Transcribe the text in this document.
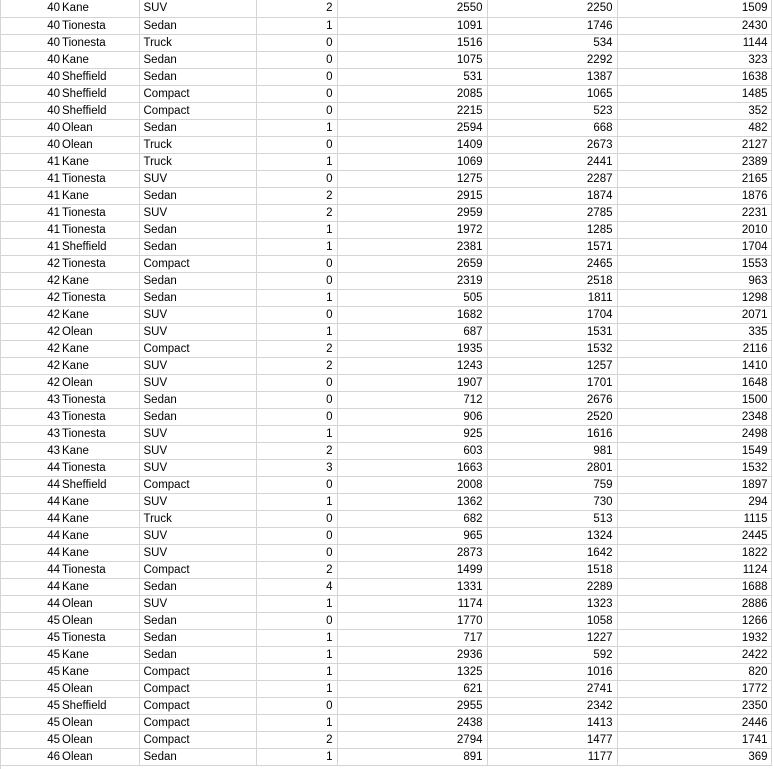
40	Kane	SUV	2	2550	2250	1509
40	Tionesta	Sedan	1	1091	1746	2430
40	Tionesta	Truck	0	1516	534	1144
40	Kane	Sedan	0	1075	2292	323
40	Sheffield	Sedan	0	531	1387	1638
40	Sheffield	Compact	0	2085	1065	1485
40	Sheffield	Compact	0	2215	523	352
40	Olean	Sedan	1	2594	668	482
40	Olean	Truck	0	1409	2673	2127
41	Kane	Truck	1	1069	2441	2389
41	Tionesta	SUV	0	1275	2287	2165
41	Kane	Sedan	2	2915	1874	1876
41	Tionesta	SUV	2	2959	2785	2231
41	Tionesta	Sedan	1	1972	1285	2010
41	Sheffield	Sedan	1	2381	1571	1704
42	Tionesta	Compact	0	2659	2465	1553
42	Kane	Sedan	0	2319	2518	963
42	Tionesta	Sedan	1	505	1811	1298
42	Kane	SUV	0	1682	1704	2071
42	Olean	SUV	1	687	1531	335
42	Kane	Compact	2	1935	1532	2116
42	Kane	SUV	2	1243	1257	1410
42	Olean	SUV	0	1907	1701	1648
43	Tionesta	Sedan	0	712	2676	1500
43	Tionesta	Sedan	0	906	2520	2348
43	Tionesta	SUV	1	925	1616	2498
43	Kane	SUV	2	603	981	1549
44	Tionesta	SUV	3	1663	2801	1532
44	Sheffield	Compact	0	2008	759	1897
44	Kane	SUV	1	1362	730	294
44	Kane	Truck	0	682	513	1115
44	Kane	SUV	0	965	1324	2445
44	Kane	SUV	0	2873	1642	1822
44	Tionesta	Compact	2	1499	1518	1124
44	Kane	Sedan	4	1331	2289	1688
44	Olean	SUV	1	1174	1323	2886
45	Olean	Sedan	0	1770	1058	1266
45	Tionesta	Sedan	1	717	1227	1932
45	Kane	Sedan	1	2936	592	2422
45	Kane	Compact	1	1325	1016	820
45	Olean	Compact	1	621	2741	1772
45	Sheffield	Compact	0	2955	2342	2350
45	Olean	Compact	1	2438	1413	2446
45	Olean	Compact	2	2794	1477	1741
46	Olean	Sedan	1	891	1177	369
